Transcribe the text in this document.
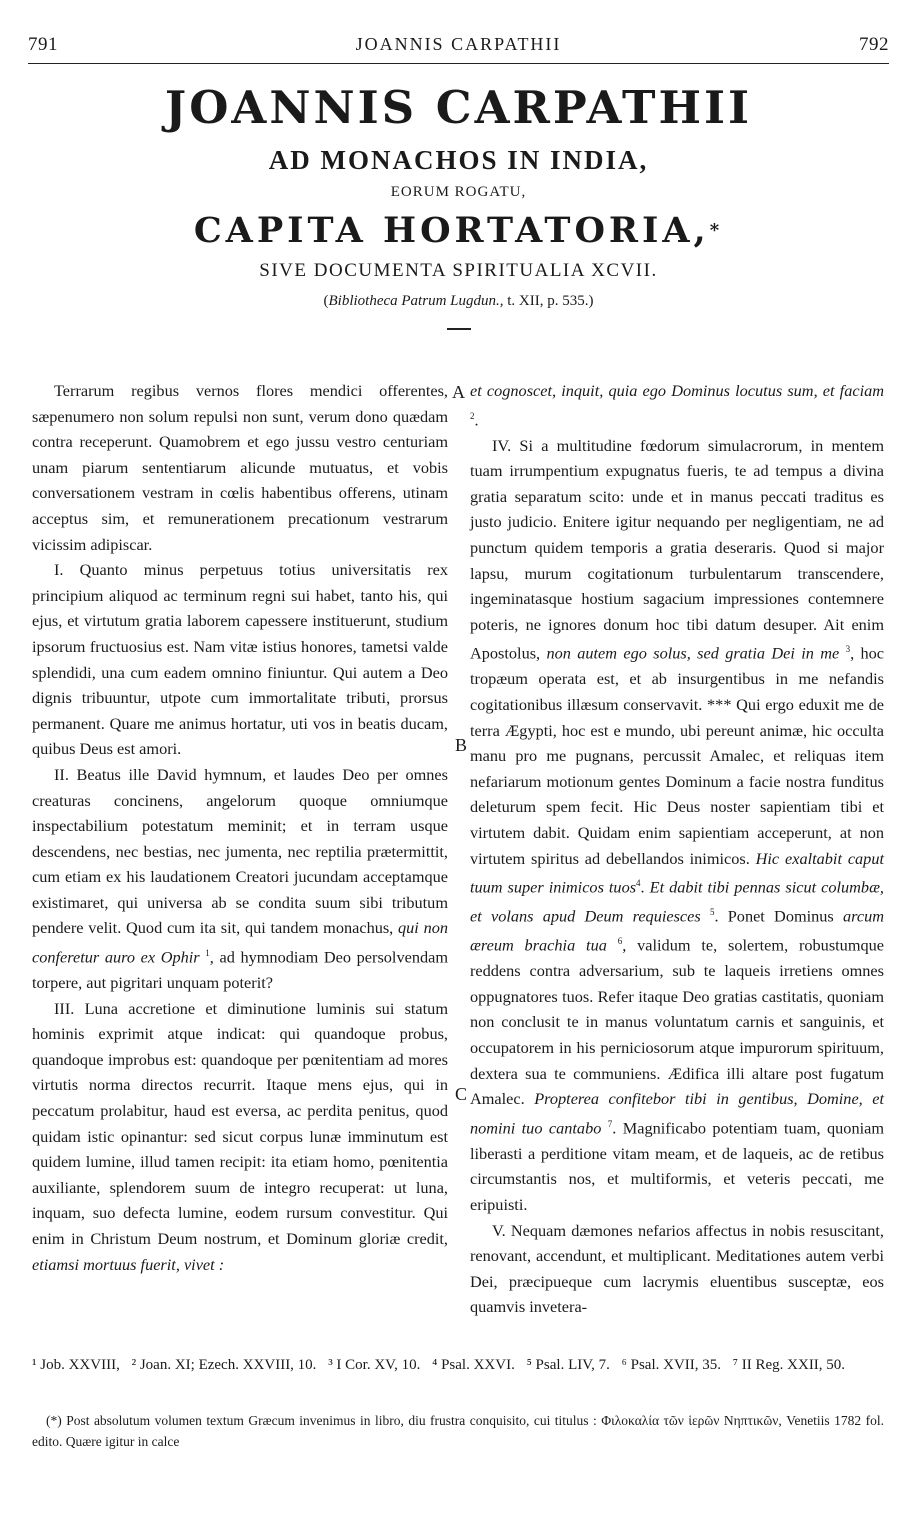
791	JOANNIS CARPATHII	792
JOANNIS CARPATHII
AD MONACHOS IN INDIA,
EORUM ROGATU,
CAPITA HORTATORIA,*
SIVE DOCUMENTA SPIRITUALIA XCVII.
(Bibliotheca Patrum Lugdun., t. XII, p. 535.)
A
B
C

Terrarum regibus vernos flores mendici offerentes, sæpenumero non solum repulsi non sunt, verum dono quædam contra receperunt. Quamobrem et ego jussu vestro centuriam unam piarum sententiarum alicunde mutuatus, et vobis conversationem vestram in cœlis habentibus offerens, utinam acceptus sim, et remunerationem precationum vestrarum vicissim adipiscar.

I. Quanto minus perpetuus totius universitatis rex principium aliquod ac terminum regni sui habet, tanto his, qui ejus, et virtutum gratia laborem capessere instituerunt, studium ipsorum fructuosius est. Nam vitæ istius honores, tametsi valde splendidi, una cum eadem omnino finiuntur. Qui autem a Deo dignis tribuuntur, utpote cum immortalitate tributi, prorsus permanent. Quare me animus hortatur, uti vos in beatis ducam, quibus Deus est amori.

II. Beatus ille David hymnum, et laudes Deo per omnes creaturas concinens, angelorum quoque omniumque inspectabilium potestatum meminit; et in terram usque descendens, nec bestias, nec jumenta, nec reptilia prætermittit, cum etiam ex his laudationem Creatori jucundam acceptamque existimaret, qui universa ab se condita suum sibi tributum pendere velit. Quod cum ita sit, qui tandem monachus, qui non conferetur auro ex Ophir $^1$, ad hymnodiam Deo persolvendam torpere, aut pigritari unquam poterit?

III. Luna accretione et diminutione luminis sui statum hominis exprimit atque indicat: qui quandoque probus, quandoque improbus est: quandoque per pœnitentiam ad mores virtutis norma directos recurrit. Itaque mens ejus, qui in peccatum prolabitur, haud est eversa, ac perdita penitus, quod quidam istic opinantur: sed sicut corpus lunæ imminutum est quidem lumine, illud tamen recipit: ita etiam homo, pœnitentia auxiliante, splendorem suum de integro recuperat: ut luna, inquam, suo defecta lumine, eodem rursum convestitur. Qui enim in Christum Deum nostrum, et Dominum gloriæ credit, etiamsi mortuus fuerit, vivet :

et cognoscet, inquit, quia ego Dominus locutus sum, et faciam $^2$.

IV. Si a multitudine fœdorum simulacrorum, in mentem tuam irrumpentium expugnatus fueris, te ad tempus a divina gratia separatum scito: unde et in manus peccati traditus es justo judicio. Enitere igitur nequando per negligentiam, ne ad punctum quidem temporis a gratia deseraris. Quod si major lapsu, murum cogitationum turbulentarum transcendere, ingeminatasque hostium sagacium impressiones contemnere poteris, ne ignores donum hoc tibi datum desuper. Ait enim Apostolus, non autem ego solus, sed gratia Dei in me $^3$, hoc tropæum operata est, et ab insurgentibus in me nefandis cogitationibus illæsum conservavit. *** Qui ergo eduxit me de terra Ægypti, hoc est e mundo, ubi pereunt animæ, hic occulta manu pro me pugnans, percussit Amalec, et reliquas item nefariarum motionum gentes Dominum a facie nostra funditus deleturum spem fecit. Hic Deus noster sapientiam tibi et virtutem dabit. Quidam enim sapientiam acceperunt, at non virtutem spiritus ad debellandos inimicos. Hic exaltabit caput tuum super inimicos tuos$^4$. Et dabit tibi pennas sicut columbæ, et volans apud Deum requiesces $^5$. Ponet Dominus arcum æreum brachia tua $^6$, validum te, solertem, robustumque reddens contra adversarium, sub te laqueis irretiens omnes oppugnatores tuos. Refer itaque Deo gratias castitatis, quoniam non conclusit te in manus voluntatum carnis et sanguinis, et occupatorem in his perniciosorum atque impurorum spirituum, dextera sua te communiens. Ædifica illi altare post fugatum Amalec. Propterea confitebor tibi in gentibus, Domine, et nomini tuo cantabo $^7$. Magnificabo potentiam tuam, quoniam liberasti a perditione vitam meam, et de laqueis, ac de retibus circumstantis nos, et multiformis, et veteris peccati, me eripuisti.

V. Nequam dæmones nefarios affectus in nobis resuscitant, renovant, accendunt, et multiplicant. Meditationes autem verbi Dei, præcipueque cum lacrymis eluentibus susceptæ, eos quamvis invetera-

¹ Job. XXVIII, ² Joan. XI; Ezech. XXVIII, 10. ³ I Cor. XV, 10. ⁴ Psal. XXVI. ⁵ Psal. LIV, 7. ⁶ Psal. XVII, 35. ⁷ II Reg. XXII, 50.
(*) Post absolutum volumen textum Græcum invenimus in libro, diu frustra conquisito, cui titulus : Φιλοκαλία τῶν ἱερῶν Νηπτικῶν, Venetiis 1782 fol. edito. Quære igitur in calce
